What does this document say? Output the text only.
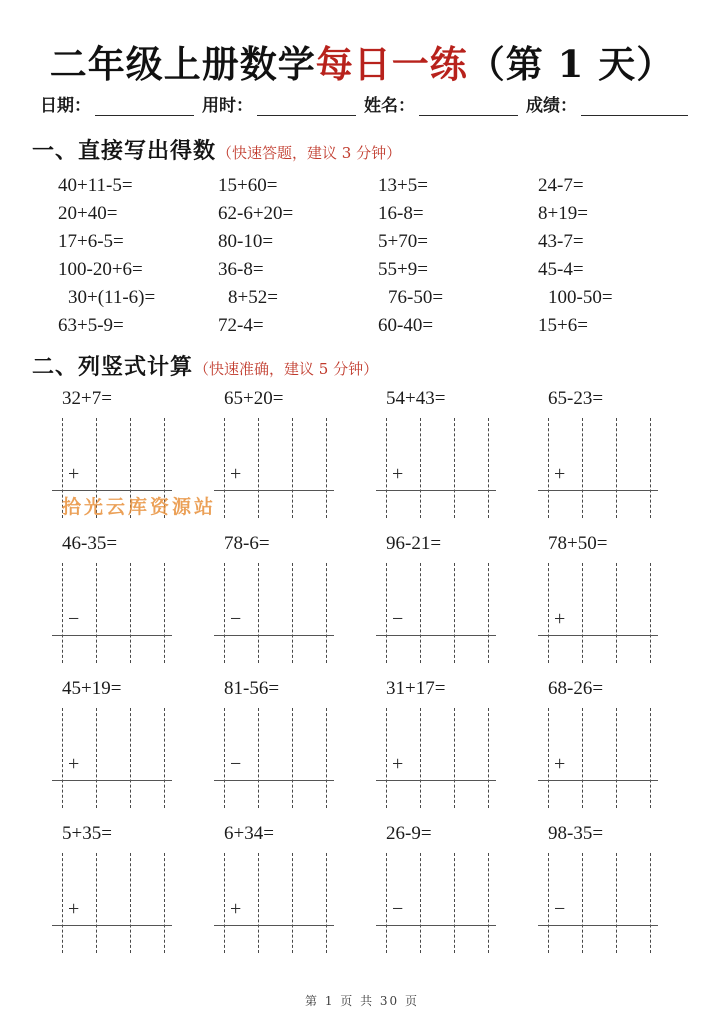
二年级上册数学每日一练（第 1 天）
日期：	用时：	姓名：	成绩：
一、直接写出得数（快速答题，建议 3 分钟）
40+11-5=	15+60=	13+5=	24-7=
20+40=	62-6+20=	16-8=	8+19=
17+6-5=	80-10=	5+70=	43-7=
100-20+6=	36-8=	55+9=	45-4=
30+(11-6)=	8+52=	76-50=	100-50=
63+5-9=	72-4=	60-40=	15+6=
二、列竖式计算（快速准确，建议 5 分钟）
32+7=
+
65+20=
+
54+43=
+
65-23=
+
46-35=
−
78-6=
−
96-21=
−
78+50=
+
45+19=
+
81-56=
−
31+17=
+
68-26=
+
5+35=
+
6+34=
+
26-9=
−
98-35=
−
拾光云库资源站
第 1 页 共 30 页
